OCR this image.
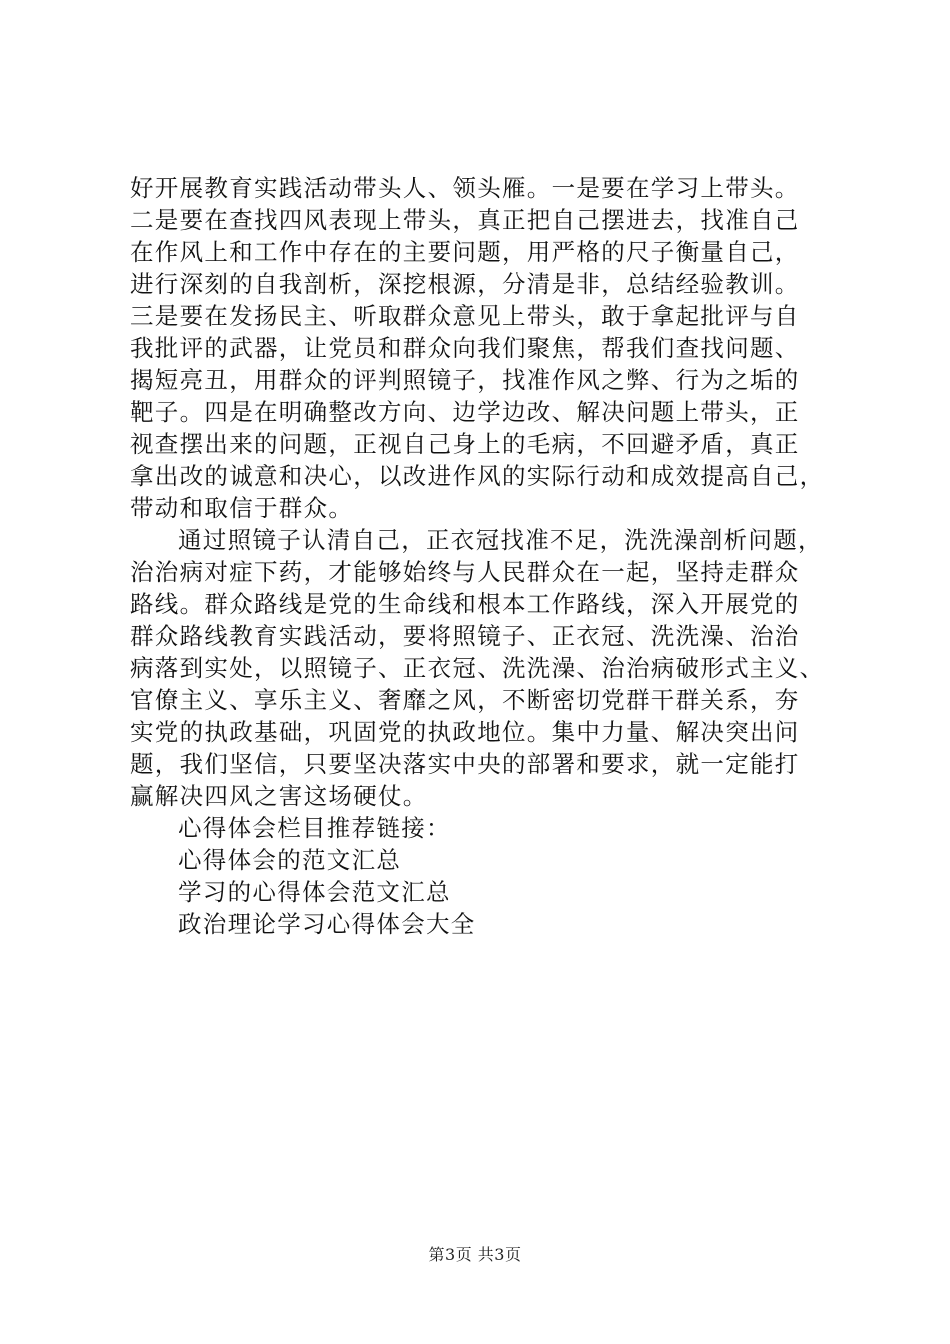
好开展教育实践活动带头人、领头雁。一是要在学习上带头。
二是要在查找四风表现上带头，真正把自己摆进去，找准自己
在作风上和工作中存在的主要问题，用严格的尺子衡量自己，
进行深刻的自我剖析，深挖根源，分清是非，总结经验教训。
三是要在发扬民主、听取群众意见上带头，敢于拿起批评与自
我批评的武器，让党员和群众向我们聚焦，帮我们查找问题、
揭短亮丑，用群众的评判照镜子，找准作风之弊、行为之垢的
靶子。四是在明确整改方向、边学边改、解决问题上带头，正
视查摆出来的问题，正视自己身上的毛病，不回避矛盾，真正
拿出改的诚意和决心，以改进作风的实际行动和成效提高自己，
带动和取信于群众。
通过照镜子认清自己，正衣冠找准不足，洗洗澡剖析问题，
治治病对症下药，才能够始终与人民群众在一起，坚持走群众
路线。群众路线是党的生命线和根本工作路线，深入开展党的
群众路线教育实践活动，要将照镜子、正衣冠、洗洗澡、治治
病落到实处，以照镜子、正衣冠、洗洗澡、治治病破形式主义、
官僚主义、享乐主义、奢靡之风，不断密切党群干群关系，夯
实党的执政基础，巩固党的执政地位。集中力量、解决突出问
题，我们坚信，只要坚决落实中央的部署和要求，就一定能打
赢解决四风之害这场硬仗。
心得体会栏目推荐链接：
心得体会的范文汇总
学习的心得体会范文汇总
政治理论学习心得体会大全
第3页 共3页
